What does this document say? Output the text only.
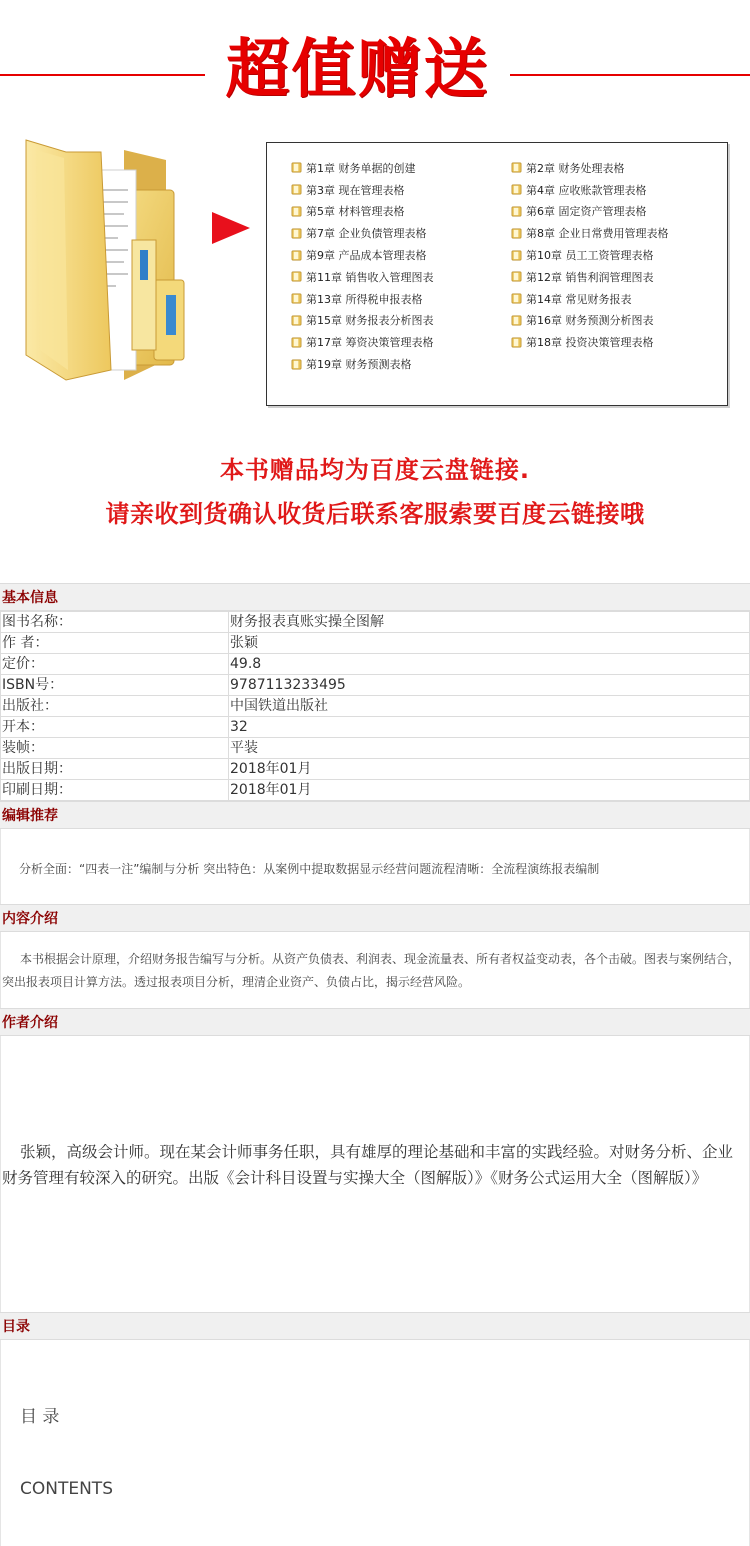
超值赠送
第1章 财务单据的创建	第2章 财务处理表格
第3章 现在管理表格	第4章 应收账款管理表格
第5章 材料管理表格	第6章 固定资产管理表格
第7章 企业负债管理表格	第8章 企业日常费用管理表格
第9章 产品成本管理表格	第10章 员工工资管理表格
第11章 销售收入管理图表	第12章 销售利润管理图表
第13章 所得税申报表格	第14章 常见财务报表
第15章 财务报表分析图表	第16章 财务预测分析图表
第17章 筹资决策管理表格	第18章 投资决策管理表格
第19章 财务预测表格
本书赠品均为百度云盘链接.
请亲收到货确认收货后联系客服索要百度云链接哦
基本信息
图书名称：	财务报表真账实操全图解
作 者：	张颖
定价：	49.8
ISBN号：	9787113233495
出版社：	中国铁道出版社
开本：	32
装帧：	平装
出版日期：	2018年01月
印刷日期：	2018年01月
编辑推荐
分析全面：“四表一注”编制与分析 突出特色：从案例中提取数据显示经营问题流程清晰：全流程演练报表编制
内容介绍
本书根据会计原理，介绍财务报告编写与分析。从资产负债表、利润表、现金流量表、所有者权益变动表，各个击破。图表与案例结合，突出报表项目计算方法。透过报表项目分析，理清企业资产、负债占比，揭示经营风险。
作者介绍
张颖，高级会计师。现在某会计师事务任职，具有雄厚的理论基础和丰富的实践经验。对财务分析、企业财务管理有较深入的研究。出版《会计科目设置与实操大全（图解版）》《财务公式运用大全（图解版）》
目录
目 录
CONTENTS
